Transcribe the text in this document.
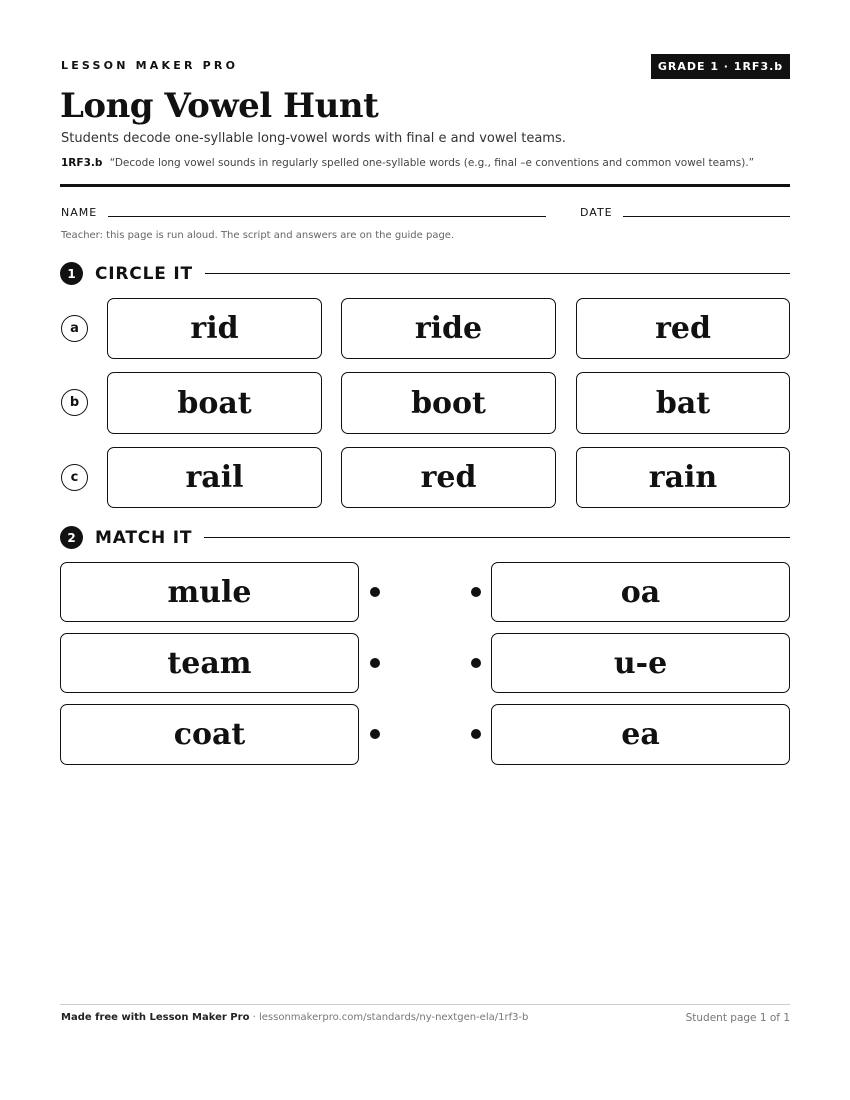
LESSON MAKER PRO	GRADE 1 · 1RF3.b
Long Vowel Hunt
Students decode one-syllable long-vowel words with final e and vowel teams.
1RF3.b “Decode long vowel sounds in regularly spelled one-syllable words (e.g., final –e conventions and common vowel teams).”
NAME	DATE
Teacher: this page is run aloud. The script and answers are on the guide page.
1	CIRCLE IT
a	rid	ride	red
b	boat	boot	bat
c	rail	red	rain
2	MATCH IT
mule	oa
team	u-e
coat	ea
Made free with Lesson Maker Pro · lessonmakerpro.com/standards/ny-nextgen-ela/1rf3-b	Student page 1 of 1
